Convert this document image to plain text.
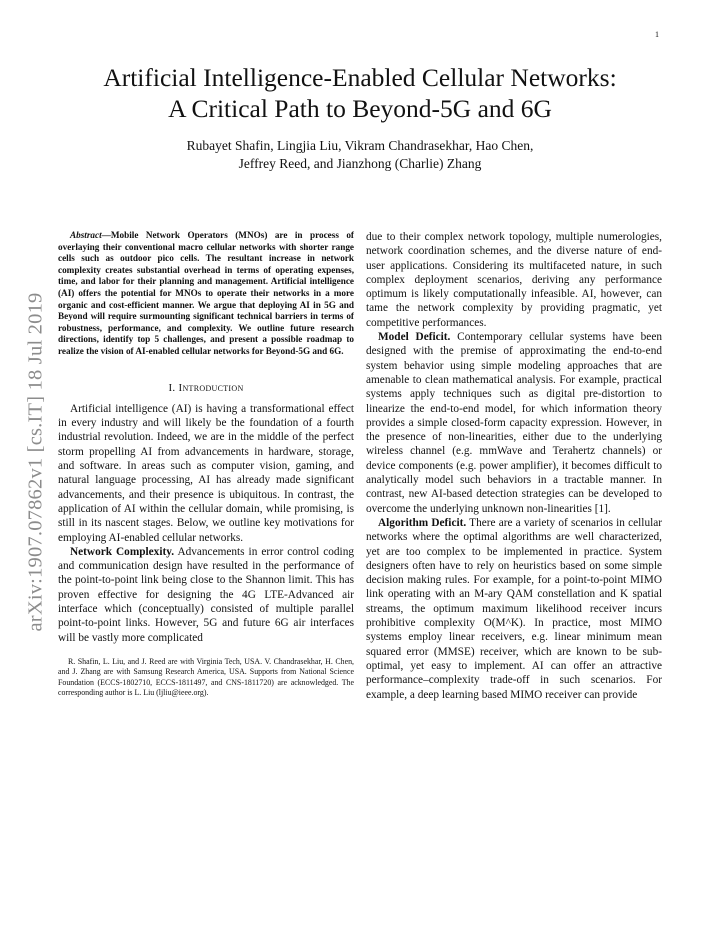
1
Artificial Intelligence-Enabled Cellular Networks:
A Critical Path to Beyond-5G and 6G
Rubayet Shafin, Lingjia Liu, Vikram Chandrasekhar, Hao Chen,
Jeffrey Reed, and Jianzhong (Charlie) Zhang
arXiv:1907.07862v1 [cs.IT] 18 Jul 2019

Abstract—Mobile Network Operators (MNOs) are in process of overlaying their conventional macro cellular networks with shorter range cells such as outdoor pico cells. The resultant increase in network complexity creates substantial overhead in terms of operating expenses, time, and labor for their planning and management. Artificial intelligence (AI) offers the potential for MNOs to operate their networks in a more organic and cost-efficient manner. We argue that deploying AI in 5G and Beyond will require surmounting significant technical barriers in terms of robustness, performance, and complexity. We outline future research directions, identify top 5 challenges, and present a possible roadmap to realize the vision of AI-enabled cellular networks for Beyond-5G and 6G.

I. Introduction

Artificial intelligence (AI) is having a transformational effect in every industry and will likely be the foundation of a fourth industrial revolution. Indeed, we are in the middle of the perfect storm propelling AI from advancements in hardware, storage, and software. In areas such as computer vision, gaming, and natural language processing, AI has already made significant advancements, and their presence is ubiquitous. In contrast, the application of AI within the cellular domain, while promising, is still in its nascent stages. Below, we outline key motivations for employing AI-enabled cellular networks.

Network Complexity. Advancements in error control coding and communication design have resulted in the performance of the point-to-point link being close to the Shannon limit. This has proven effective for designing the 4G LTE-Advanced air interface which (conceptually) consisted of multiple parallel point-to-point links. However, 5G and future 6G air interfaces will be vastly more complicated

R. Shafin, L. Liu, and J. Reed are with Virginia Tech, USA. V. Chandrasekhar, H. Chen, and J. Zhang are with Samsung Research America, USA. Supports from National Science Foundation (ECCS-1802710, ECCS-1811497, and CNS-1811720) are acknowledged. The corresponding author is L. Liu (ljliu@ieee.org).

due to their complex network topology, multiple numerologies, network coordination schemes, and the diverse nature of end-user applications. Considering its multifaceted nature, in such complex deployment scenarios, deriving any performance optimum is likely computationally infeasible. AI, however, can tame the network complexity by providing pragmatic, yet competitive performances.

Model Deficit. Contemporary cellular systems have been designed with the premise of approximating the end-to-end system behavior using simple modeling approaches that are amenable to clean mathematical analysis. For example, practical systems apply techniques such as digital pre-distortion to linearize the end-to-end model, for which information theory provides a simple closed-form capacity expression. However, in the presence of non-linearities, either due to the underlying wireless channel (e.g. mmWave and Terahertz channels) or device components (e.g. power amplifier), it becomes difficult to analytically model such behaviors in a tractable manner. In contrast, new AI-based detection strategies can be developed to overcome the underlying unknown non-linearities [1].

Algorithm Deficit. There are a variety of scenarios in cellular networks where the optimal algorithms are well characterized, yet are too complex to be implemented in practice. System designers often have to rely on heuristics based on some simple decision making rules. For example, for a point-to-point MIMO link operating with an M-ary QAM constellation and K spatial streams, the optimum maximum likelihood receiver incurs prohibitive complexity O(M^K). In practice, most MIMO systems employ linear receivers, e.g. linear minimum mean squared error (MMSE) receiver, which are known to be sub-optimal, yet easy to implement. AI can offer an attractive performance–complexity trade-off in such scenarios. For example, a deep learning based MIMO receiver can provide
